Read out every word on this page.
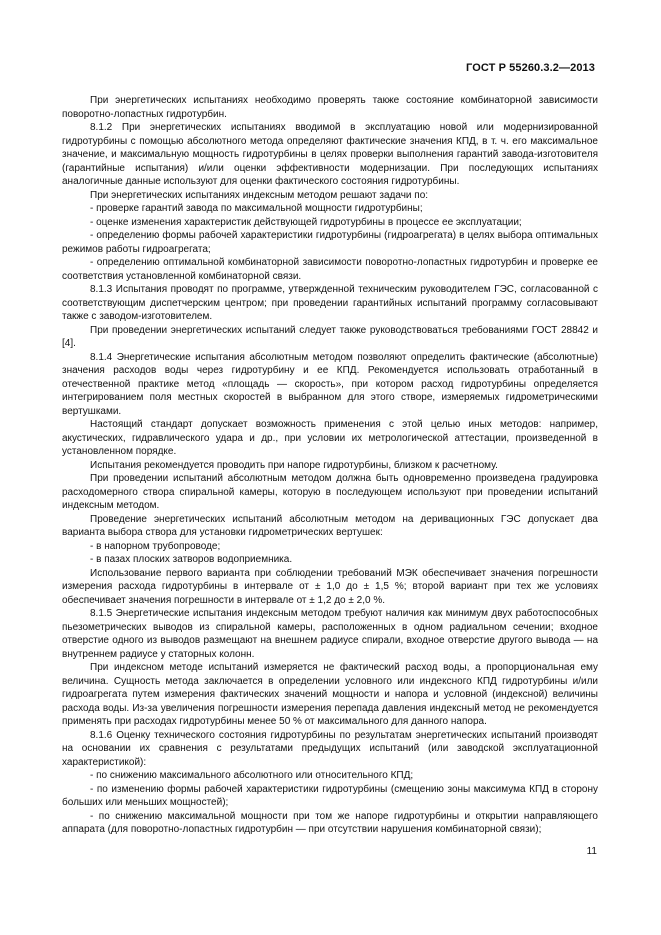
ГОСТ Р 55260.3.2—2013

При энергетических испытаниях необходимо проверять также состояние комбинаторной зависимости поворотно-лопастных гидротурбин.

8.1.2 При энергетических испытаниях вводимой в эксплуатацию новой или модернизированной гидротурбины с помощью абсолютного метода определяют фактические значения КПД, в т. ч. его максимальное значение, и максимальную мощность гидротурбины в целях проверки выполнения гарантий завода-изготовителя (гарантийные испытания) и/или оценки эффективности модернизации. При последующих испытаниях аналогичные данные используют для оценки фактического состояния гидротурбины.

При энергетических испытаниях индексным методом решают задачи по:

- проверке гарантий завода по максимальной мощности гидротурбины;

- оценке изменения характеристик действующей гидротурбины в процессе ее эксплуатации;

- определению формы рабочей характеристики гидротурбины (гидроагрегата) в целях выбора оптимальных режимов работы гидроагрегата;

- определению оптимальной комбинаторной зависимости поворотно-лопастных гидротурбин и проверке ее соответствия установленной комбинаторной связи.

8.1.3 Испытания проводят по программе, утвержденной техническим руководителем ГЭС, согласованной с соответствующим диспетчерским центром; при проведении гарантийных испытаний программу согласовывают также с заводом-изготовителем.

При проведении энергетических испытаний следует также руководствоваться требованиями ГОСТ 28842 и [4].

8.1.4 Энергетические испытания абсолютным методом позволяют определить фактические (абсолютные) значения расходов воды через гидротурбину и ее КПД. Рекомендуется использовать отработанный в отечественной практике метод «площадь — скорость», при котором расход гидротурбины определяется интегрированием поля местных скоростей в выбранном для этого створе, измеряемых гидрометрическими вертушками.

Настоящий стандарт допускает возможность применения с этой целью иных методов: например, акустических, гидравлического удара и др., при условии их метрологической аттестации, произведенной в установленном порядке.

Испытания рекомендуется проводить при напоре гидротурбины, близком к расчетному.

При проведении испытаний абсолютным методом должна быть одновременно произведена градуировка расходомерного створа спиральной камеры, которую в последующем используют при проведении испытаний индексным методом.

Проведение энергетических испытаний абсолютным методом на деривационных ГЭС допускает два варианта выбора створа для установки гидрометрических вертушек:

- в напорном трубопроводе;

- в пазах плоских затворов водоприемника.

Использование первого варианта при соблюдении требований МЭК обеспечивает значения погрешности измерения расхода гидротурбины в интервале от ± 1,0 до ± 1,5 %; второй вариант при тех же условиях обеспечивает значения погрешности в интервале от ± 1,2 до ± 2,0 %.

8.1.5 Энергетические испытания индексным методом требуют наличия как минимум двух работоспособных пьезометрических выводов из спиральной камеры, расположенных в одном радиальном сечении; входное отверстие одного из выводов размещают на внешнем радиусе спирали, входное отверстие другого вывода — на внутреннем радиусе у статорных колонн.

При индексном методе испытаний измеряется не фактический расход воды, а пропорциональная ему величина. Сущность метода заключается в определении условного или индексного КПД гидротурбины и/или гидроагрегата путем измерения фактических значений мощности и напора и условной (индексной) величины расхода воды. Из-за увеличения погрешности измерения перепада давления индексный метод не рекомендуется применять при расходах гидротурбины менее 50 % от максимального для данного напора.

8.1.6 Оценку технического состояния гидротурбины по результатам энергетических испытаний производят на основании их сравнения с результатами предыдущих испытаний (или заводской эксплуатационной характеристикой):

- по снижению максимального абсолютного или относительного КПД;

- по изменению формы рабочей характеристики гидротурбины (смещению зоны максимума КПД в сторону больших или меньших мощностей);

- по снижению максимальной мощности при том же напоре гидротурбины и открытии направляющего аппарата (для поворотно-лопастных гидротурбин — при отсутствии нарушения комбинаторной связи);

11
